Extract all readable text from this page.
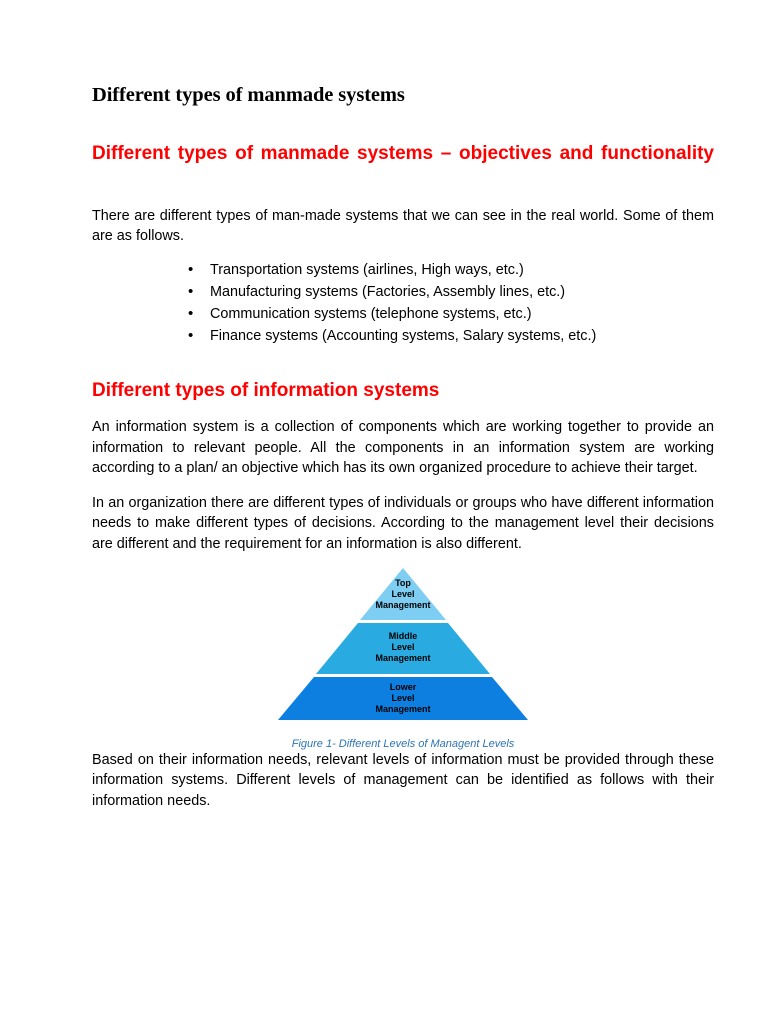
Different types of manmade systems
Different types of manmade systems – objectives and functionality

There are different types of man-made systems that we can see in the real world. Some of them are as follows.

• Transportation systems (airlines, High ways, etc.)
• Manufacturing systems (Factories, Assembly lines, etc.)
• Communication systems (telephone systems, etc.)
• Finance systems (Accounting systems, Salary systems, etc.)
Different types of information systems

An information system is a collection of components which are working together to provide an information to relevant people. All the components in an information system are working according to a plan/ an objective which has its own organized procedure to achieve their target.

In an organization there are different types of individuals or groups who have different information needs to make different types of decisions. According to the management level their decisions are different and the requirement for an information is also different.

Top
Level
Management
Middle
Level
Management
Lower
Level
Management
Figure 1- Different Levels of Managent Levels

Based on their information needs, relevant levels of information must be provided through these information systems. Different levels of management can be identified as follows with their information needs.
